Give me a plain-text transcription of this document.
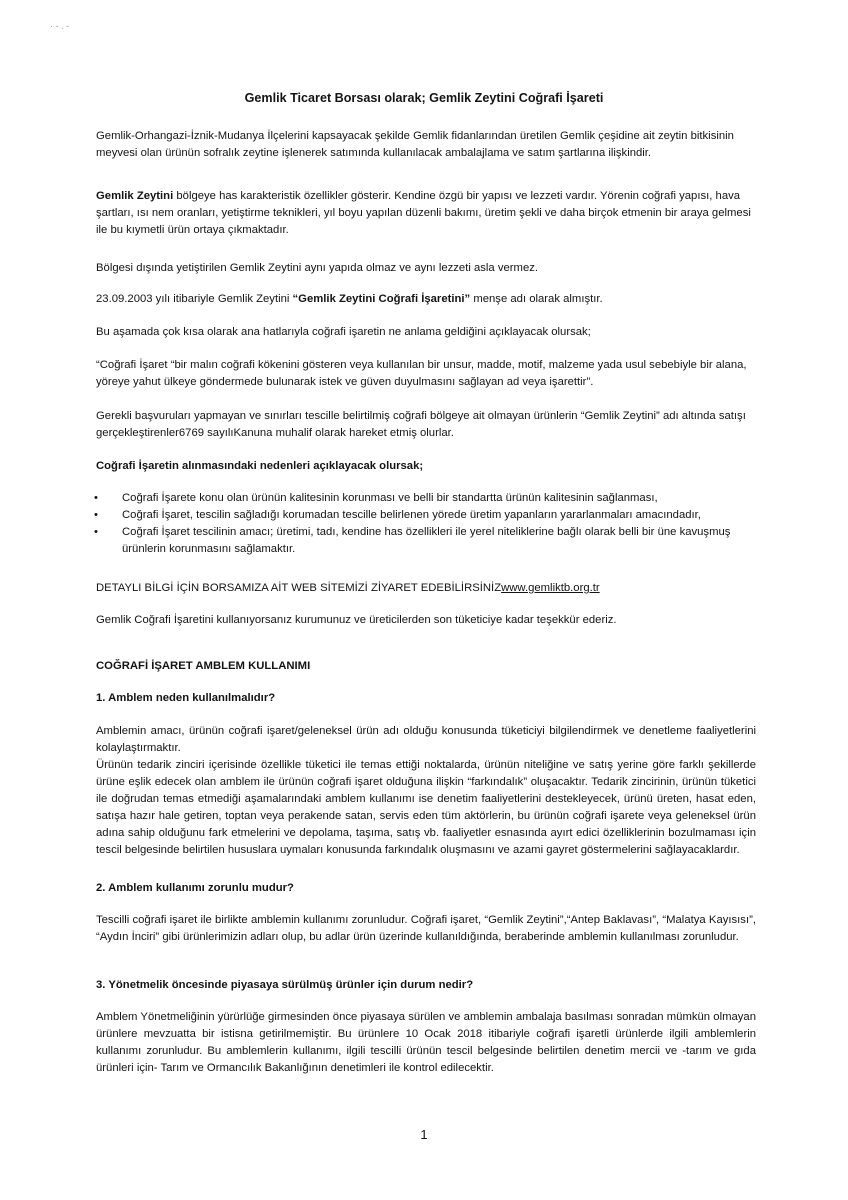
· ‐ . ‐
Gemlik Ticaret Borsası olarak; Gemlik Zeytini Coğrafi İşareti

Gemlik-Orhangazi-İznik-Mudanya İlçelerini kapsayacak şekilde Gemlik fidanlarından üretilen Gemlik çeşidine ait zeytin bitkisinin meyvesi olan ürünün sofralık zeytine işlenerek satımında kullanılacak ambalajlama ve satım şartlarına ilişkindir.

Gemlik Zeytini bölgeye has karakteristik özellikler gösterir. Kendine özgü bir yapısı ve lezzeti vardır. Yörenin coğrafi yapısı, hava şartları, ısı nem oranları, yetiştirme teknikleri, yıl boyu yapılan düzenli bakımı, üretim şekli ve daha birçok etmenin bir araya gelmesi ile bu kıymetli ürün ortaya çıkmaktadır.

Bölgesi dışında yetiştirilen Gemlik Zeytini aynı yapıda olmaz ve aynı lezzeti asla vermez.

23.09.2003 yılı itibariyle Gemlik Zeytini “Gemlik Zeytini Coğrafi İşaretini” menşe adı olarak almıştır.

Bu aşamada çok kısa olarak ana hatlarıyla coğrafi işaretin ne anlama geldiğini açıklayacak olursak;

“Coğrafi İşaret “bir malın coğrafi kökenini gösteren veya kullanılan bir unsur, madde, motif, malzeme yada usul sebebiyle bir alana, yöreye yahut ülkeye göndermede bulunarak istek ve güven duyulmasını sağlayan ad veya işarettir”.

Gerekli başvuruları yapmayan ve sınırları tescille belirtilmiş coğrafi bölgeye ait olmayan ürünlerin “Gemlik Zeytini” adı altında satışı gerçekleştirenler6769 sayılıKanuna muhalif olarak hareket etmiş olurlar.

Coğrafi İşaretin alınmasındaki nedenleri açıklayacak olursak;

• Coğrafi İşarete konu olan ürünün kalitesinin korunması ve belli bir standartta ürünün kalitesinin sağlanması,
• Coğrafi İşaret, tescilin sağladığı korumadan tescille belirlenen yörede üretim yapanların yararlanmaları amacındadır,
• Coğrafi İşaret tescilinin amacı; üretimi, tadı, kendine has özellikleri ile yerel niteliklerine bağlı olarak belli bir üne kavuşmuş ürünlerin korunmasını sağlamaktır.

DETAYLI BİLGİ İÇİN BORSAMIZA AİT WEB SİTEMİZİ ZİYARET EDEBİLİRSİNİZwww.gemliktb.org.tr

Gemlik Coğrafi İşaretini kullanıyorsanız kurumunuz ve üreticilerden son tüketiciye kadar teşekkür ederiz.

COĞRAFİ İŞARET AMBLEM KULLANIMI

1. Amblem neden kullanılmalıdır?

Amblemin amacı, ürünün coğrafi işaret/geleneksel ürün adı olduğu konusunda tüketiciyi bilgilendirmek ve denetleme faaliyetlerini kolaylaştırmaktır.
Ürünün tedarik zinciri içerisinde özellikle tüketici ile temas ettiği noktalarda, ürünün niteliğine ve satış yerine göre farklı şekillerde ürüne eşlik edecek olan amblem ile ürünün coğrafi işaret olduğuna ilişkin “farkındalık” oluşacaktır. Tedarik zincirinin, ürünün tüketici ile doğrudan temas etmediği aşamalarındaki amblem kullanımı ise denetim faaliyetlerini destekleyecek, ürünü üreten, hasat eden, satışa hazır hale getiren, toptan veya perakende satan, servis eden tüm aktörlerin, bu ürünün coğrafi işarete veya geleneksel ürün adına sahip olduğunu fark etmelerini ve depolama, taşıma, satış vb. faaliyetler esnasında ayırt edici özelliklerinin bozulmaması için tescil belgesinde belirtilen hususlara uymaları konusunda farkındalık oluşmasını ve azami gayret göstermelerini sağlayacaklardır.

2. Amblem kullanımı zorunlu mudur?

Tescilli coğrafi işaret ile birlikte amblemin kullanımı zorunludur. Coğrafi işaret, “Gemlik Zeytini”,“Antep Baklavası”, “Malatya Kayısısı”, “Aydın İnciri” gibi ürünlerimizin adları olup, bu adlar ürün üzerinde kullanıldığında, beraberinde amblemin kullanılması zorunludur.

3. Yönetmelik öncesinde piyasaya sürülmüş ürünler için durum nedir?

Amblem Yönetmeliğinin yürürlüğe girmesinden önce piyasaya sürülen ve amblemin ambalaja basılması sonradan mümkün olmayan ürünlere mevzuatta bir istisna getirilmemiştir. Bu ürünlere 10 Ocak 2018 itibariyle coğrafi işaretli ürünlerde ilgili amblemlerin kullanımı zorunludur. Bu amblemlerin kullanımı, ilgili tescilli ürünün tescil belgesinde belirtilen denetim mercii ve -tarım ve gıda ürünleri için- Tarım ve Ormancılık Bakanlığının denetimleri ile kontrol edilecektir.

1
